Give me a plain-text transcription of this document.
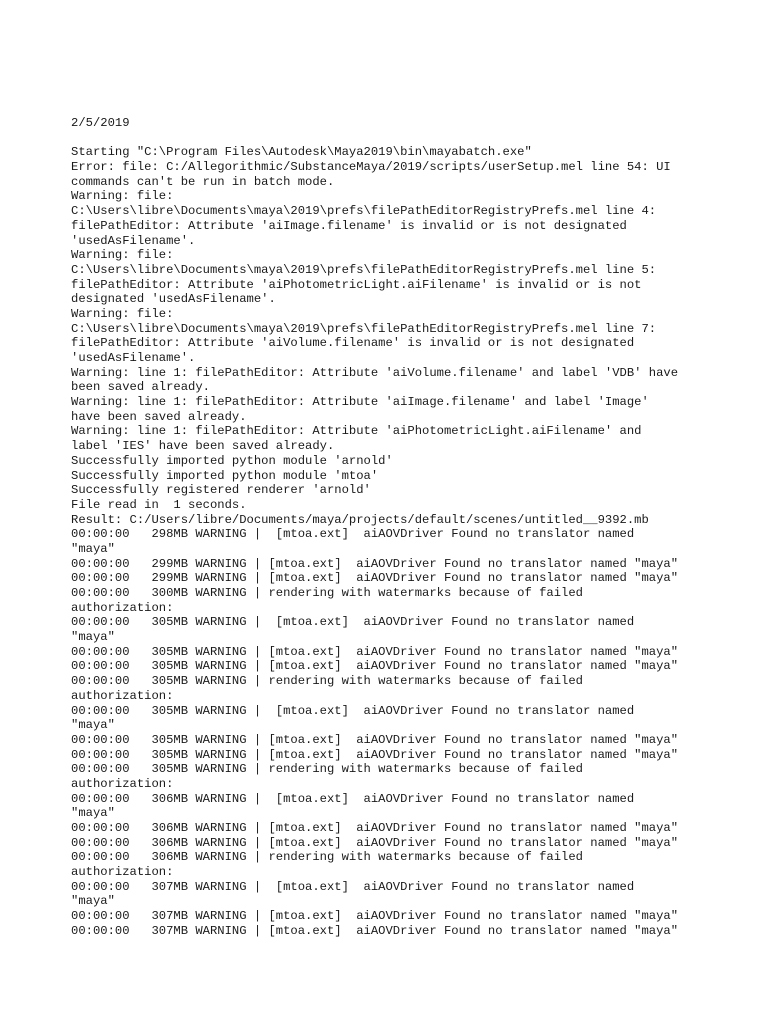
2/5/2019
Starting "C:\Program Files\Autodesk\Maya2019\bin\mayabatch.exe"
Error: file: C:/Allegorithmic/SubstanceMaya/2019/scripts/userSetup.mel line 54: UI
commands can't be run in batch mode.
Warning: file:
C:\Users\libre\Documents\maya\2019\prefs\filePathEditorRegistryPrefs.mel line 4:
filePathEditor: Attribute 'aiImage.filename' is invalid or is not designated
'usedAsFilename'.
Warning: file:
C:\Users\libre\Documents\maya\2019\prefs\filePathEditorRegistryPrefs.mel line 5:
filePathEditor: Attribute 'aiPhotometricLight.aiFilename' is invalid or is not
designated 'usedAsFilename'.
Warning: file:
C:\Users\libre\Documents\maya\2019\prefs\filePathEditorRegistryPrefs.mel line 7:
filePathEditor: Attribute 'aiVolume.filename' is invalid or is not designated
'usedAsFilename'.
Warning: line 1: filePathEditor: Attribute 'aiVolume.filename' and label 'VDB' have
been saved already.
Warning: line 1: filePathEditor: Attribute 'aiImage.filename' and label 'Image'
have been saved already.
Warning: line 1: filePathEditor: Attribute 'aiPhotometricLight.aiFilename' and
label 'IES' have been saved already.
Successfully imported python module 'arnold'
Successfully imported python module 'mtoa'
Successfully registered renderer 'arnold'
File read in  1 seconds.
Result: C:/Users/libre/Documents/maya/projects/default/scenes/untitled__9392.mb
00:00:00   298MB WARNING |  [mtoa.ext]  aiAOVDriver Found no translator named
"maya"
00:00:00   299MB WARNING | [mtoa.ext]  aiAOVDriver Found no translator named "maya"
00:00:00   299MB WARNING | [mtoa.ext]  aiAOVDriver Found no translator named "maya"
00:00:00   300MB WARNING | rendering with watermarks because of failed
authorization:
00:00:00   305MB WARNING |  [mtoa.ext]  aiAOVDriver Found no translator named
"maya"
00:00:00   305MB WARNING | [mtoa.ext]  aiAOVDriver Found no translator named "maya"
00:00:00   305MB WARNING | [mtoa.ext]  aiAOVDriver Found no translator named "maya"
00:00:00   305MB WARNING | rendering with watermarks because of failed
authorization:
00:00:00   305MB WARNING |  [mtoa.ext]  aiAOVDriver Found no translator named
"maya"
00:00:00   305MB WARNING | [mtoa.ext]  aiAOVDriver Found no translator named "maya"
00:00:00   305MB WARNING | [mtoa.ext]  aiAOVDriver Found no translator named "maya"
00:00:00   305MB WARNING | rendering with watermarks because of failed
authorization:
00:00:00   306MB WARNING |  [mtoa.ext]  aiAOVDriver Found no translator named
"maya"
00:00:00   306MB WARNING | [mtoa.ext]  aiAOVDriver Found no translator named "maya"
00:00:00   306MB WARNING | [mtoa.ext]  aiAOVDriver Found no translator named "maya"
00:00:00   306MB WARNING | rendering with watermarks because of failed
authorization:
00:00:00   307MB WARNING |  [mtoa.ext]  aiAOVDriver Found no translator named
"maya"
00:00:00   307MB WARNING | [mtoa.ext]  aiAOVDriver Found no translator named "maya"
00:00:00   307MB WARNING | [mtoa.ext]  aiAOVDriver Found no translator named "maya"
